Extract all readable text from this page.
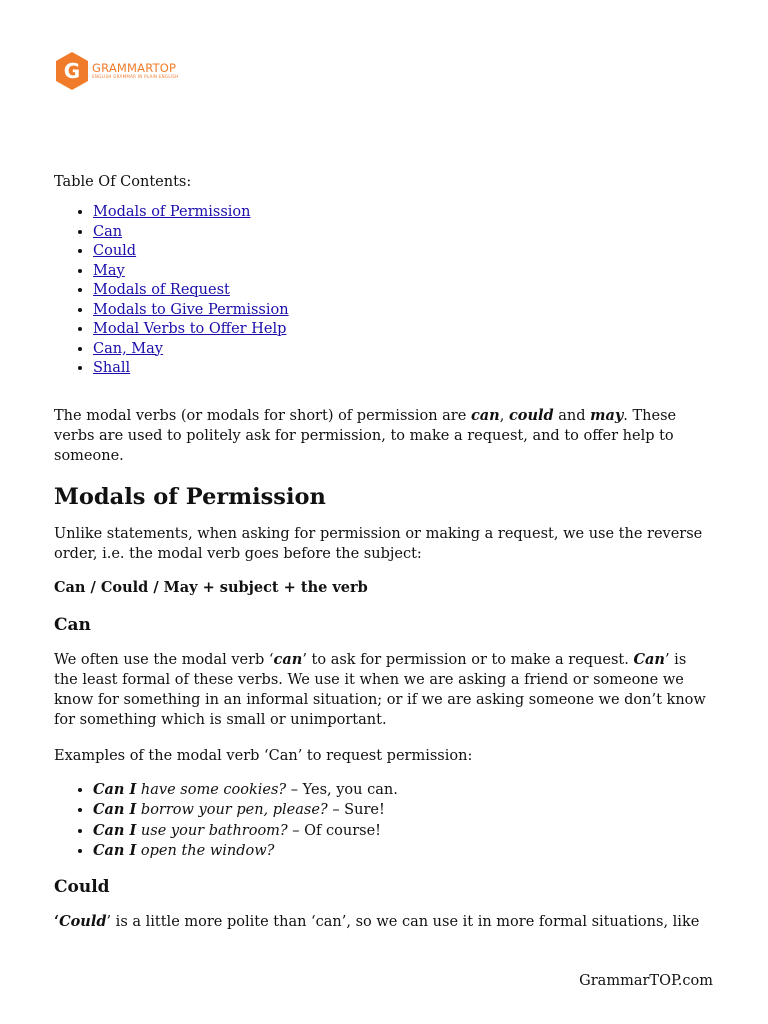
G GRAMMARTOP
ENGLISH GRAMMAR IN PLAIN ENGLISH

Table Of Contents:

• Modals of Permission
• Can
• Could
• May
• Modals of Request
• Modals to Give Permission
• Modal Verbs to Offer Help
• Can, May
• Shall

The modal verbs (or modals for short) of permission are can, could and may. These verbs are used to politely ask for permission, to make a request, and to offer help to someone.

Modals of Permission

Unlike statements, when asking for permission or making a request, we use the reverse order, i.e. the modal verb goes before the subject:

Can / Could / May + subject + the verb

Can

We often use the modal verb ‘can’ to ask for permission or to make a request. Can’ is the least formal of these verbs. We use it when we are asking a friend or someone we know for something in an informal situation; or if we are asking someone we don’t know for something which is small or unimportant.

Examples of the modal verb ‘Can’ to request permission:

• Can I have some cookies? – Yes, you can.
• Can I borrow your pen, please? – Sure!
• Can I use your bathroom? – Of course!
• Can I open the window?
Could

‘Could’ is a little more polite than ‘can’, so we can use it in more formal situations, like

GrammarTOP.com
